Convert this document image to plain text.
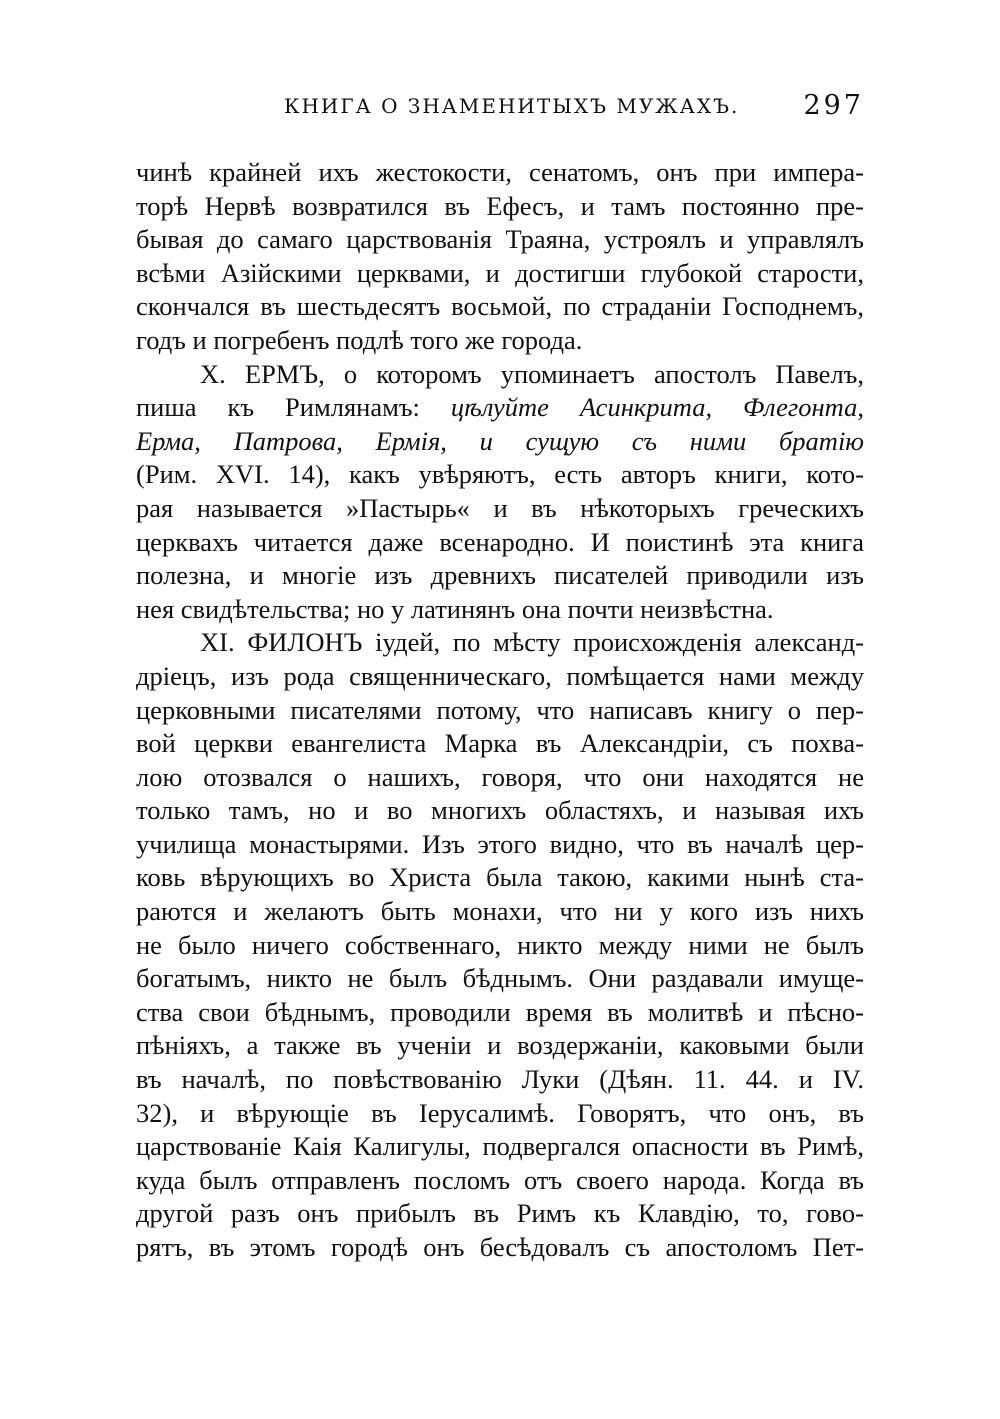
КНИГА О ЗНАМЕНИТЫХЪ МУЖАХЪ. 297
чинѣ крайней ихъ жестокости, сенатомъ, онъ при импера-
торѣ Нервѣ возвратился въ Ефесъ, и тамъ постоянно пре-
бывая до самаго царствованія Траяна, устроялъ и управлялъ
всѣми Азійскими церквами, и достигши глубокой старости,
скончался въ шестьдесятъ восьмой, по страданіи Господнемъ,
годъ и погребенъ подлѣ того же города.
X. ЕРМЪ, о которомъ упоминаетъ апостолъ Павелъ,
пиша къ Римлянамъ: цѣлуйте Асинкрита, Флегонта,
Ерма, Патрова, Ермія, и сущую съ ними братію
(Рим. XVI. 14), какъ увѣряютъ, есть авторъ книги, кото-
рая называется »Пастырь« и въ нѣкоторыхъ греческихъ
церквахъ читается даже всенародно. И поистинѣ эта книга
полезна, и многіе изъ древнихъ писателей приводили изъ
нея свидѣтельства; но у латинянъ она почти неизвѣстна.
XI. ФИЛОНЪ іудей, по мѣсту происхожденія александ-
дріецъ, изъ рода священническаго, помѣщается нами между
церковными писателями потому, что написавъ книгу о пер-
вой церкви евангелиста Марка въ Александріи, съ похва-
лою отозвался о нашихъ, говоря, что они находятся не
только тамъ, но и во многихъ областяхъ, и называя ихъ
училища монастырями. Изъ этого видно, что въ началѣ цер-
ковь вѣрующихъ во Христа была такою, какими нынѣ ста-
раются и желаютъ быть монахи, что ни у кого изъ нихъ
не было ничего собственнаго, никто между ними не былъ
богатымъ, никто не былъ бѣднымъ. Они раздавали имуще-
ства свои бѣднымъ, проводили время въ молитвѣ и пѣсно-
пѣніяхъ, а также въ ученіи и воздержаніи, каковыми были
въ началѣ, по повѣствованію Луки (Дѣян. 11. 44. и IV.
32), и вѣрующіе въ Іерусалимѣ. Говорятъ, что онъ, въ
царствованіе Каія Калигулы, подвергался опасности въ Римѣ,
куда былъ отправленъ посломъ отъ своего народа. Когда въ
другой разъ онъ прибылъ въ Римъ къ Клавдію, то, гово-
рятъ, въ этомъ городѣ онъ бесѣдовалъ съ апостоломъ Пет-
